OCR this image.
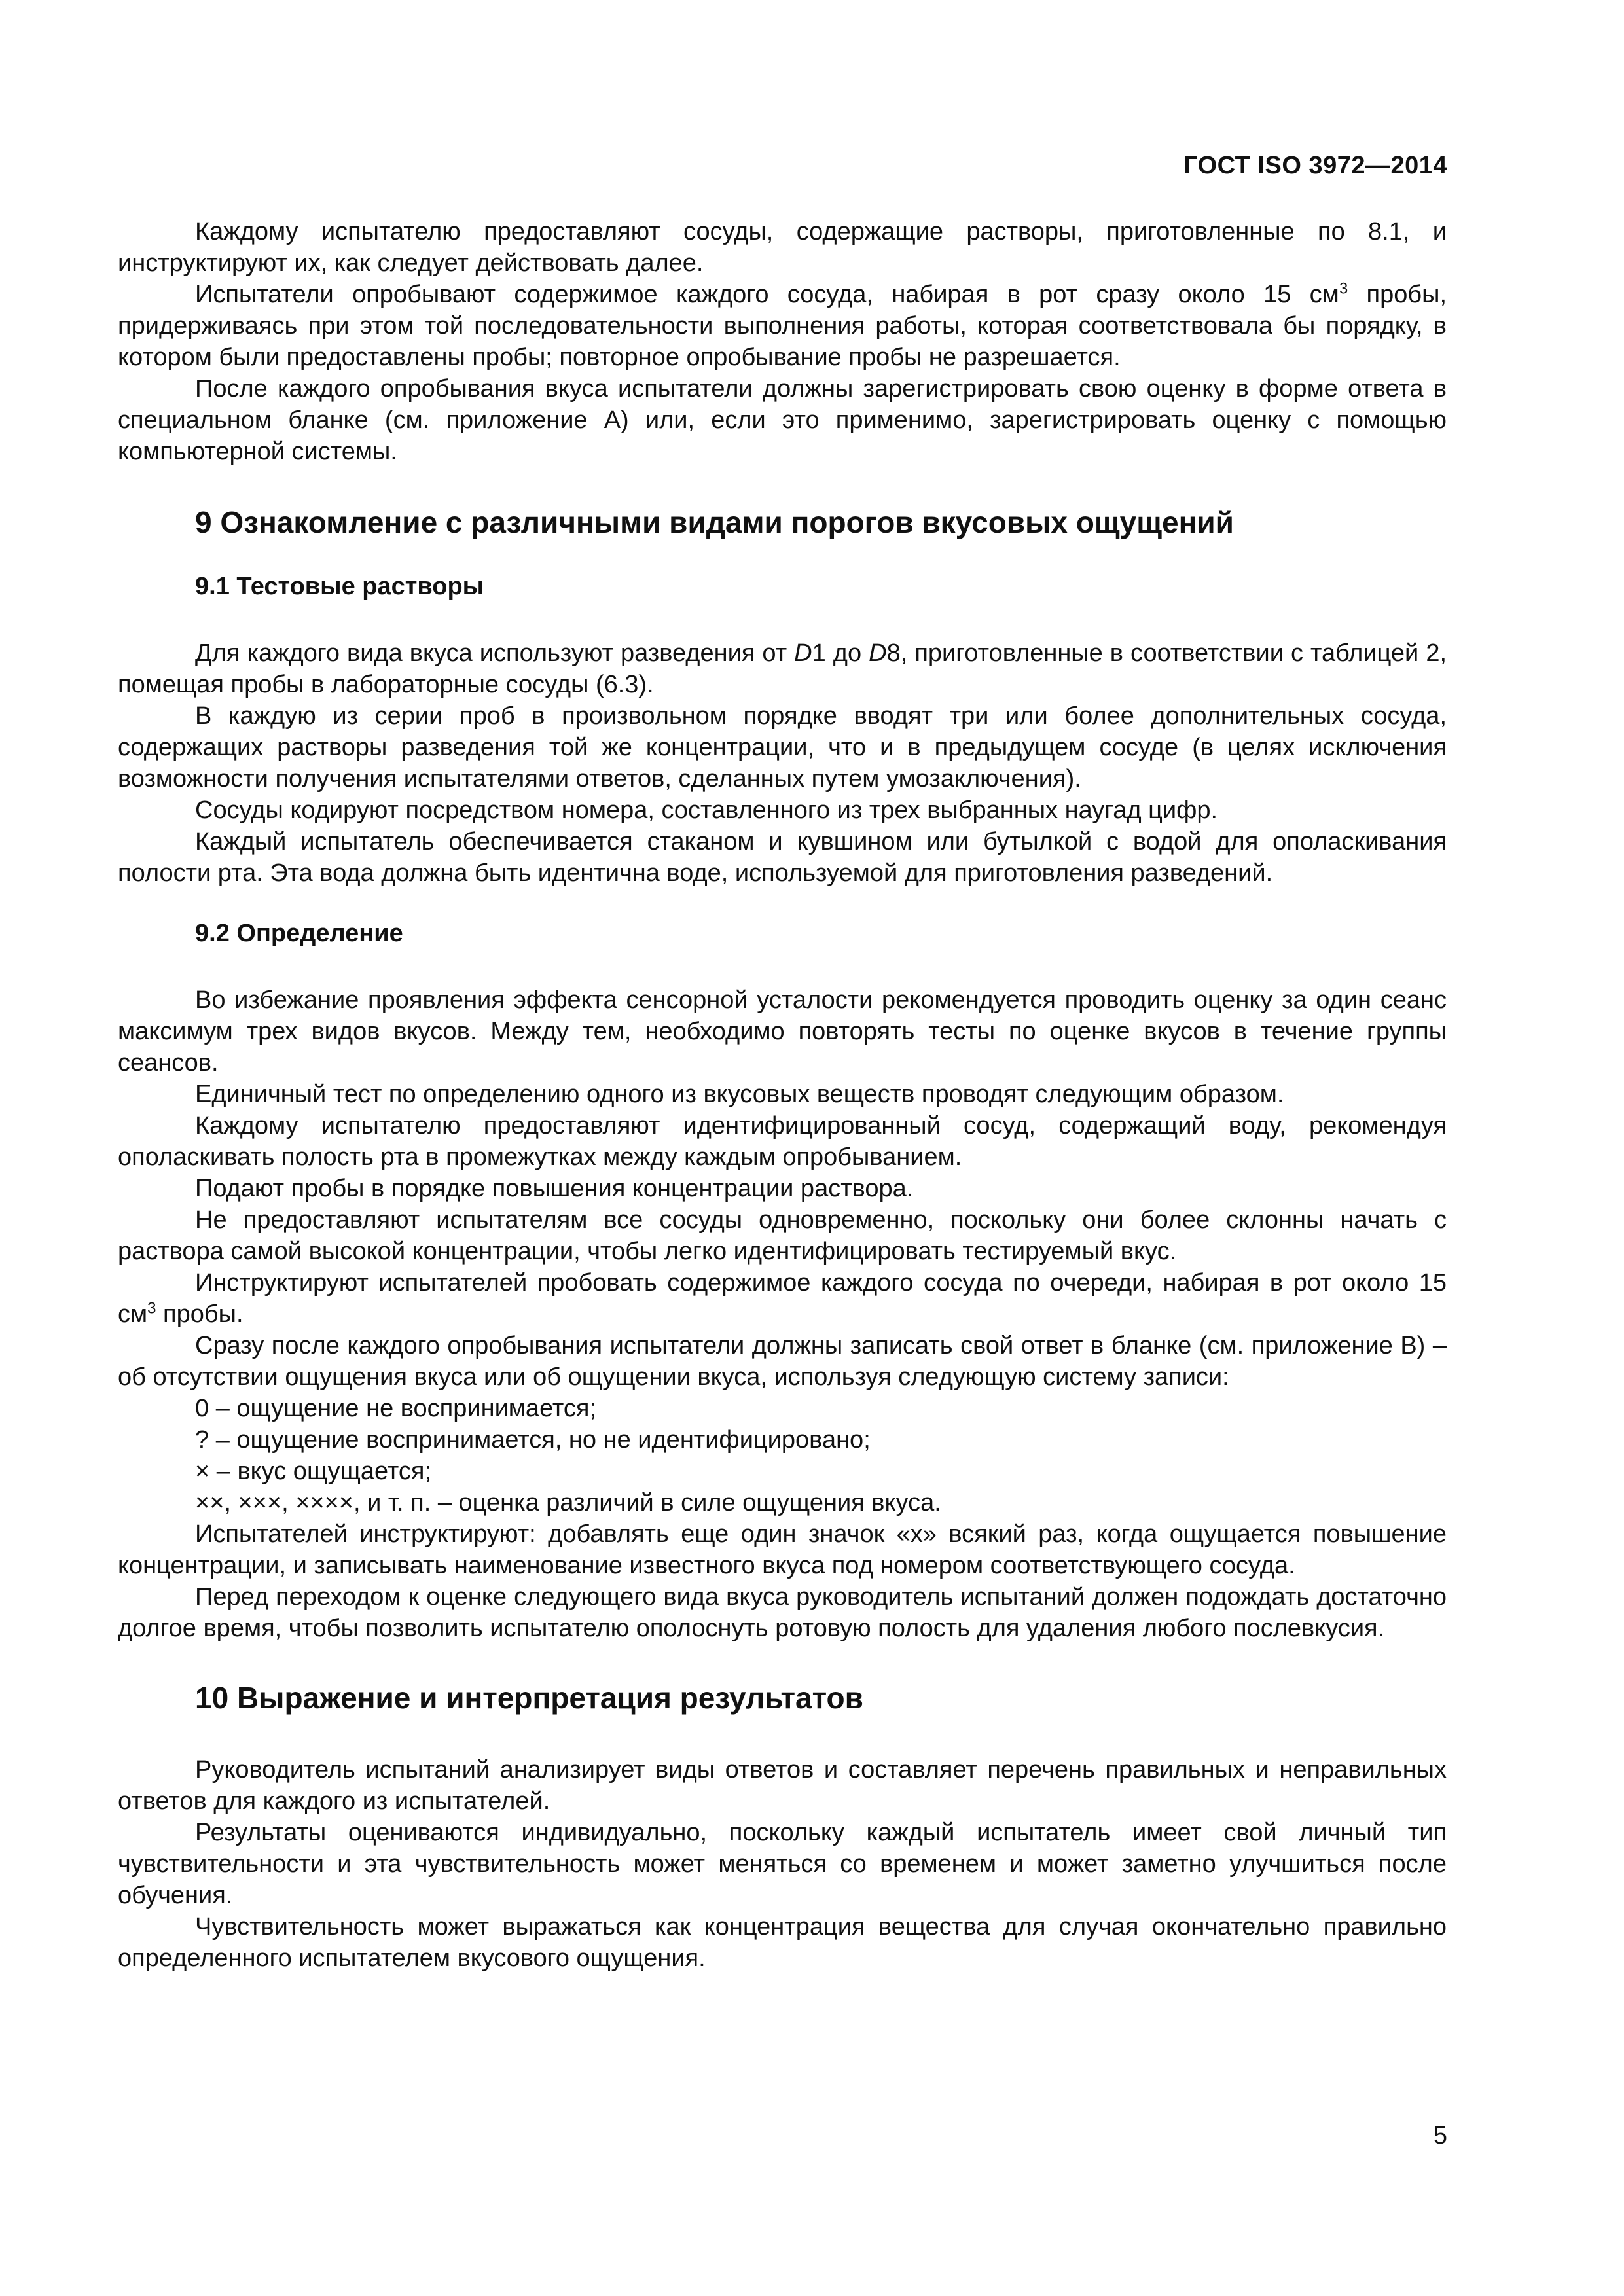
ГОСТ ISO 3972—2014

Каждому испытателю предоставляют сосуды, содержащие растворы, приготовленные по 8.1, и инструктируют их, как следует действовать далее.

Испытатели опробывают содержимое каждого сосуда, набирая в рот сразу около 15 $см^3$ пробы, придерживаясь при этом той последовательности выполнения работы, которая соответствовала бы порядку, в котором были предоставлены пробы; повторное опробывание пробы не разрешается.

После каждого опробывания вкуса испытатели должны зарегистрировать свою оценку в форме ответа в специальном бланке (см. приложение А) или, если это применимо, зарегистрировать оценку с помощью компьютерной системы.

9 Ознакомление с различными видами порогов вкусовых ощущений
9.1 Тестовые растворы

Для каждого вида вкуса используют разведения от D1 до D8, приготовленные в соответствии с таблицей 2, помещая пробы в лабораторные сосуды (6.3).

В каждую из серии проб в произвольном порядке вводят три или более дополнительных сосуда, содержащих растворы разведения той же концентрации, что и в предыдущем сосуде (в целях исключения возможности получения испытателями ответов, сделанных путем умозаключения).

Сосуды кодируют посредством номера, составленного из трех выбранных наугад цифр.

Каждый испытатель обеспечивается стаканом и кувшином или бутылкой с водой для ополаскивания полости рта. Эта вода должна быть идентична воде, используемой для приготовления разведений.

9.2 Определение

Во избежание проявления эффекта сенсорной усталости рекомендуется проводить оценку за один сеанс максимум трех видов вкусов. Между тем, необходимо повторять тесты по оценке вкусов в течение группы сеансов.

Единичный тест по определению одного из вкусовых веществ проводят следующим образом.

Каждому испытателю предоставляют идентифицированный сосуд, содержащий воду, рекомендуя ополаскивать полость рта в промежутках между каждым опробыванием.

Подают пробы в порядке повышения концентрации раствора.

Не предоставляют испытателям все сосуды одновременно, поскольку они более склонны начать с раствора самой высокой концентрации, чтобы легко идентифицировать тестируемый вкус.

Инструктируют испытателей пробовать содержимое каждого сосуда по очереди, набирая в рот около 15 $см^3$ пробы.

Сразу после каждого опробывания испытатели должны записать свой ответ в бланке (см. приложение В) – об отсутствии ощущения вкуса или об ощущении вкуса, используя следующую систему записи:

0 – ощущение не воспринимается;

? – ощущение воспринимается, но не идентифицировано;

× – вкус ощущается;

××, ×××, ××××, и т. п. – оценка различий в силе ощущения вкуса.

Испытателей инструктируют: добавлять еще один значок «х» всякий раз, когда ощущается повышение концентрации, и записывать наименование известного вкуса под номером соответствующего сосуда.

Перед переходом к оценке следующего вида вкуса руководитель испытаний должен подождать достаточно долгое время, чтобы позволить испытателю ополоснуть ротовую полость для удаления любого послевкусия.

10 Выражение и интерпретация результатов

Руководитель испытаний анализирует виды ответов и составляет перечень правильных и неправильных ответов для каждого из испытателей.

Результаты оцениваются индивидуально, поскольку каждый испытатель имеет свой личный тип чувствительности и эта чувствительность может меняться со временем и может заметно улучшиться после обучения.

Чувствительность может выражаться как концентрация вещества для случая окончательно правильно определенного испытателем вкусового ощущения.

5
